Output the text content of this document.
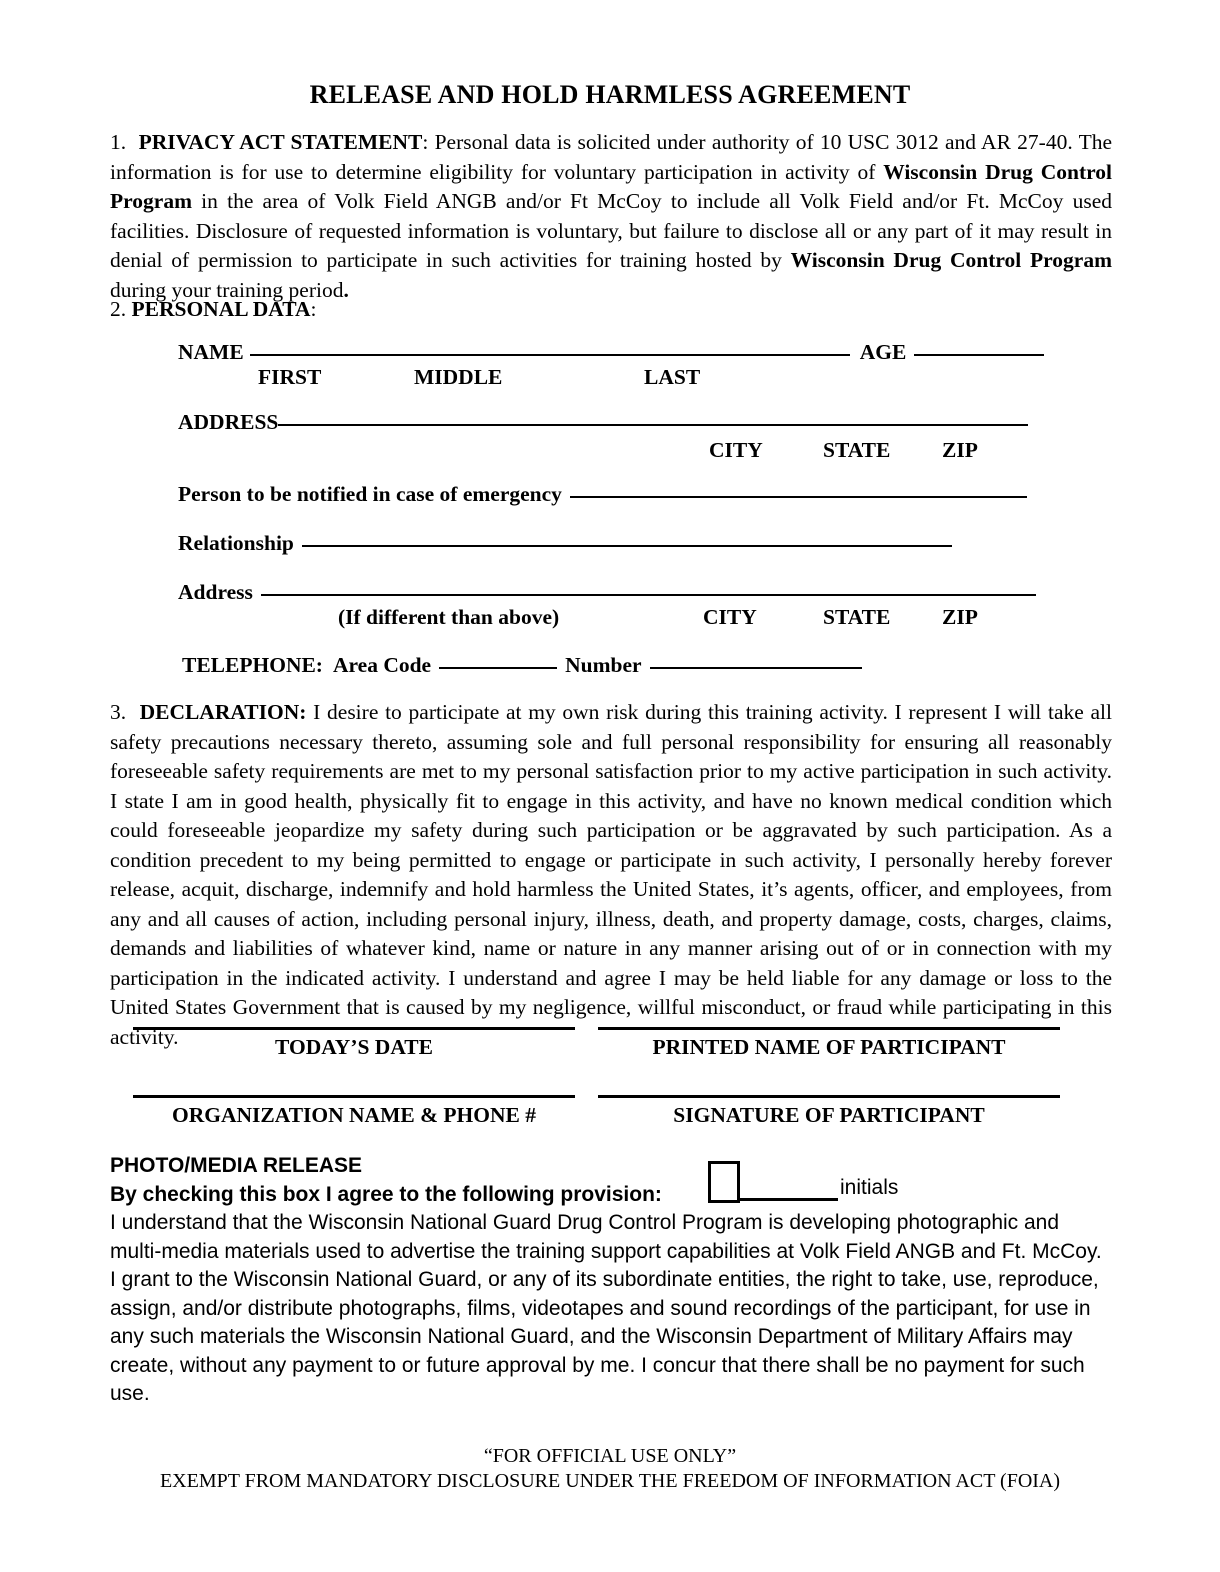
RELEASE AND HOLD HARMLESS AGREEMENT
1. PRIVACY ACT STATEMENT: Personal data is solicited under authority of 10 USC 3012 and AR 27-40. The information is for use to determine eligibility for voluntary participation in activity of Wisconsin Drug Control Program in the area of Volk Field ANGB and/or Ft McCoy to include all Volk Field and/or Ft. McCoy used facilities. Disclosure of requested information is voluntary, but failure to disclose all or any part of it may result in denial of permission to participate in such activities for training hosted by Wisconsin Drug Control Program during your training period.
2. PERSONAL DATA:
NAME	AGE
FIRST	MIDDLE	LAST
ADDRESS
CITY	STATE ZIP
Person to be notified in case of emergency
Relationship
Address
(If different than above)	CITY	STATE ZIP
TELEPHONE: Area Code	Number
3. DECLARATION: I desire to participate at my own risk during this training activity. I represent I will take all safety precautions necessary thereto, assuming sole and full personal responsibility for ensuring all reasonably foreseeable safety requirements are met to my personal satisfaction prior to my active participation in such activity. I state I am in good health, physically fit to engage in this activity, and have no known medical condition which could foreseeable jeopardize my safety during such participation or be aggravated by such participation. As a condition precedent to my being permitted to engage or participate in such activity, I personally hereby forever release, acquit, discharge, indemnify and hold harmless the United States, it’s agents, officer, and employees, from any and all causes of action, including personal injury, illness, death, and property damage, costs, charges, claims, demands and liabilities of whatever kind, name or nature in any manner arising out of or in connection with my participation in the indicated activity. I understand and agree I may be held liable for any damage or loss to the United States Government that is caused by my negligence, willful misconduct, or fraud while participating in this activity.	TODAY’S DATE	PRINTED NAME OF PARTICIPANT
ORGANIZATION NAME & PHONE #	SIGNATURE OF PARTICIPANT
PHOTO/MEDIA RELEASE
By checking this box I agree to the following provision:	initials
I understand that the Wisconsin National Guard Drug Control Program is developing photographic and multi-media materials used to advertise the training support capabilities at Volk Field ANGB and Ft. McCoy. I grant to the Wisconsin National Guard, or any of its subordinate entities, the right to take, use, reproduce, assign, and/or distribute photographs, films, videotapes and sound recordings of the participant, for use in any such materials the Wisconsin National Guard, and the Wisconsin Department of Military Affairs may create, without any payment to or future approval by me. I concur that there shall be no payment for such use.
“FOR OFFICIAL USE ONLY”
EXEMPT FROM MANDATORY DISCLOSURE UNDER THE FREEDOM OF INFORMATION ACT (FOIA)
